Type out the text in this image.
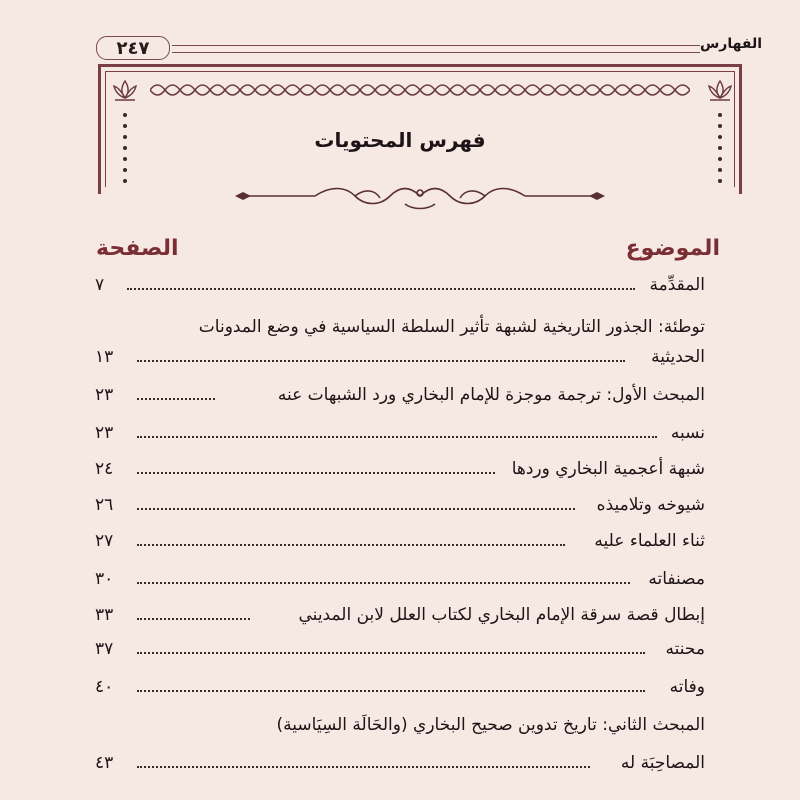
الفهارس
٢٤٧
فهرس المحتويات
الموضوع
الصفحة
المقدِّمة
٧
توطئة: الجذور التاريخية لشبهة تأثير السلطة السياسية في وضع المدونات
الحديثية
١٣
المبحث الأول: ترجمة موجزة للإمام البخاري ورد الشبهات عنه
٢٣
نسبه
٢٣
شبهة أعجمية البخاري وردها
٢٤
شيوخه وتلاميذه
٢٦
ثناء العلماء عليه
٢٧
مصنفاته
٣٠
إبطال قصة سرقة الإمام البخاري لكتاب العلل لابن المديني
٣٣
محنته
٣٧
وفاته
٤٠
المبحث الثاني: تاريخ تدوين صحيح البخاري (والحَالَة السِيَاسية)
المصاحِبَة له
٤٣
